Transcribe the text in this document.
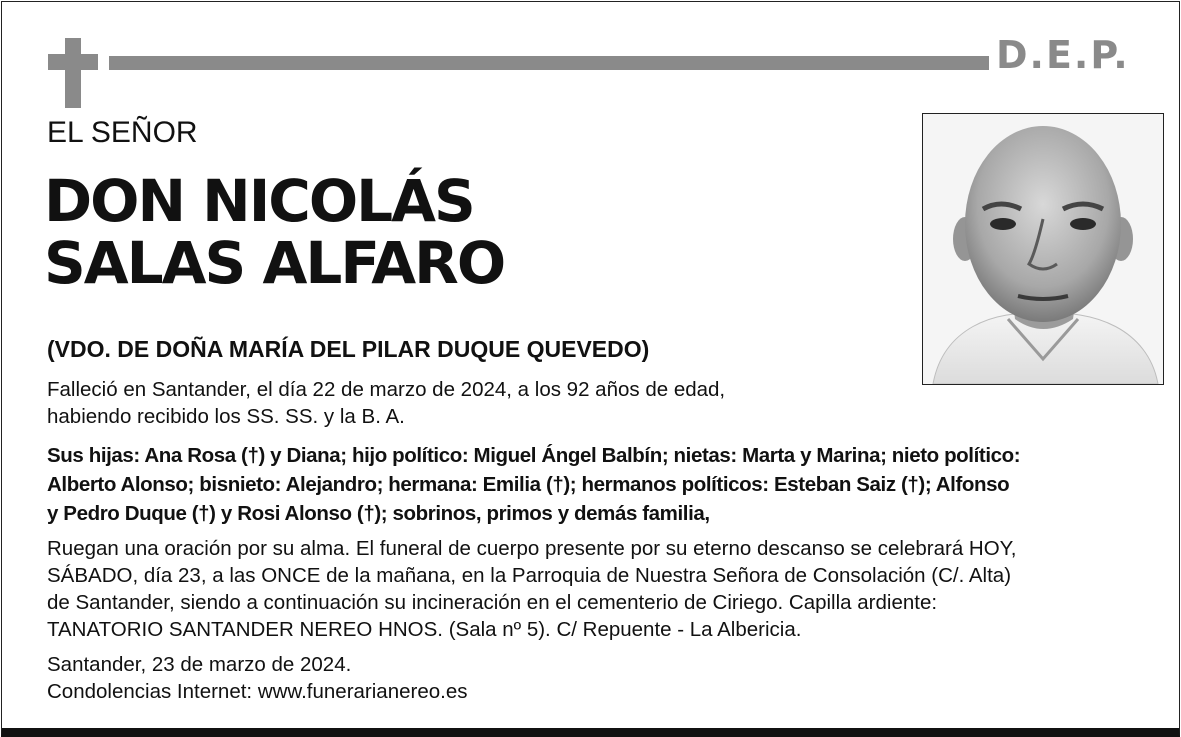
D.E.P.
EL SEÑOR
DON NICOLÁS
SALAS ALFARO
(VDO. DE DOÑA MARÍA DEL PILAR DUQUE QUEVEDO)
Falleció en Santander, el día 22 de marzo de 2024, a los 92 años de edad,
habiendo recibido los SS. SS. y la B. A.
Sus hijas: Ana Rosa (†) y Diana; hijo político: Miguel Ángel Balbín; nietas: Marta y Marina; nieto político:
Alberto Alonso; bisnieto: Alejandro; hermana: Emilia (†); hermanos políticos: Esteban Saiz (†); Alfonso
y Pedro Duque (†) y Rosi Alonso (†); sobrinos, primos y demás familia,
Ruegan una oración por su alma. El funeral de cuerpo presente por su eterno descanso se celebrará HOY,
SÁBADO, día 23, a las ONCE de la mañana, en la Parroquia de Nuestra Señora de Consolación (C/. Alta)
de Santander, siendo a continuación su incineración en el cementerio de Ciriego. Capilla ardiente:
TANATORIO SANTANDER NEREO HNOS. (Sala nº 5). C/ Repuente - La Albericia.
Santander, 23 de marzo de 2024.
Condolencias Internet: www.funerarianereo.es
